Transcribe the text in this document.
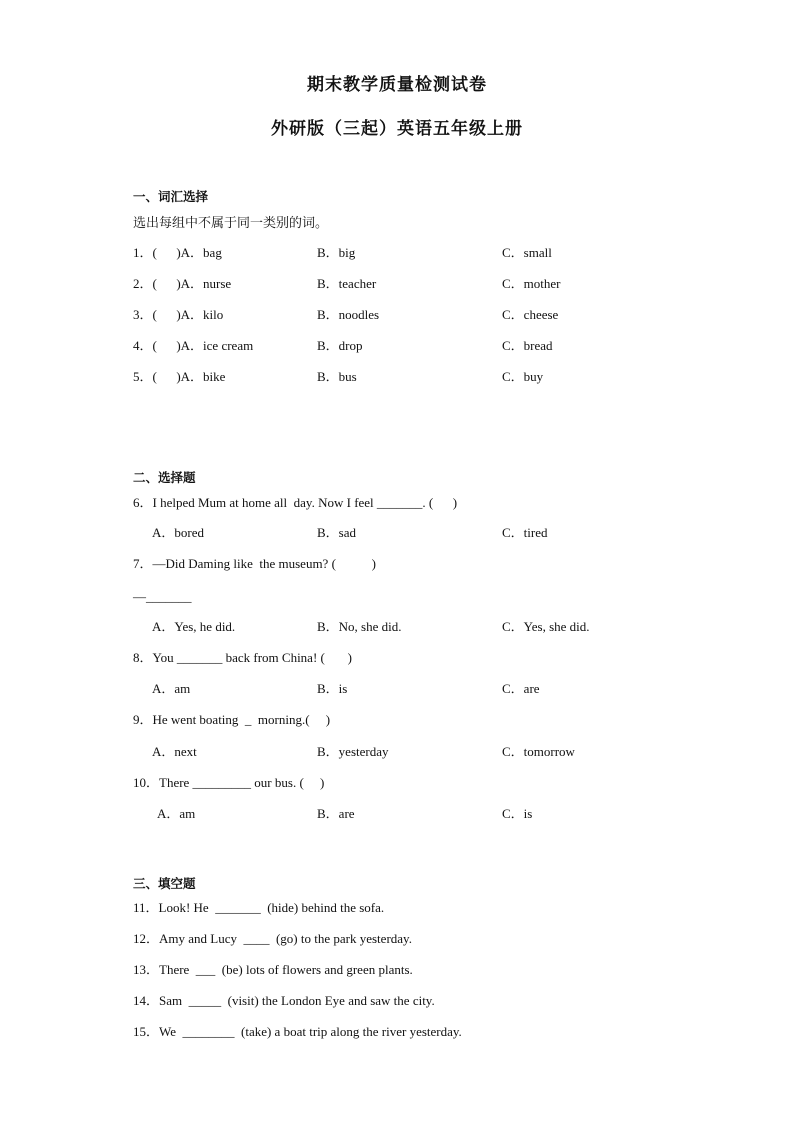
期末教学质量检测试卷
外研版（三起）英语五年级上册
一、词汇选择
选出每组中不属于同一类别的词。
1．(      )A．bag	B．big	C．small
2．(      )A．nurse	B．teacher	C．mother
3．(      )A．kilo	B．noodles	C．cheese
4．(      )A．ice cream	B．drop	C．bread
5．(      )A．bike	B．bus	C．buy
二、选择题
6．I helped Mum at home all  day. Now I feel _______. (      )
A．bored	B．sad	C．tired
7．—Did Daming like  the museum? (           )
—_______
A．Yes, he did.	B．No, she did.	C．Yes, she did.
8．You _______ back from China! (       )
A．am	B．is	C．are
9．He went boating  _  morning.(     )
A．next	B．yesterday	C．tomorrow
10．There _________ our bus. (     )
A．am	B．are	C．is
三、填空题
11．Look! He  _______  (hide) behind the sofa.
12．Amy and Lucy  ____  (go) to the park yesterday.
13．There  ___  (be) lots of flowers and green plants.
14．Sam  _____  (visit) the London Eye and saw the city.
15．We  ________  (take) a boat trip along the river yesterday.
